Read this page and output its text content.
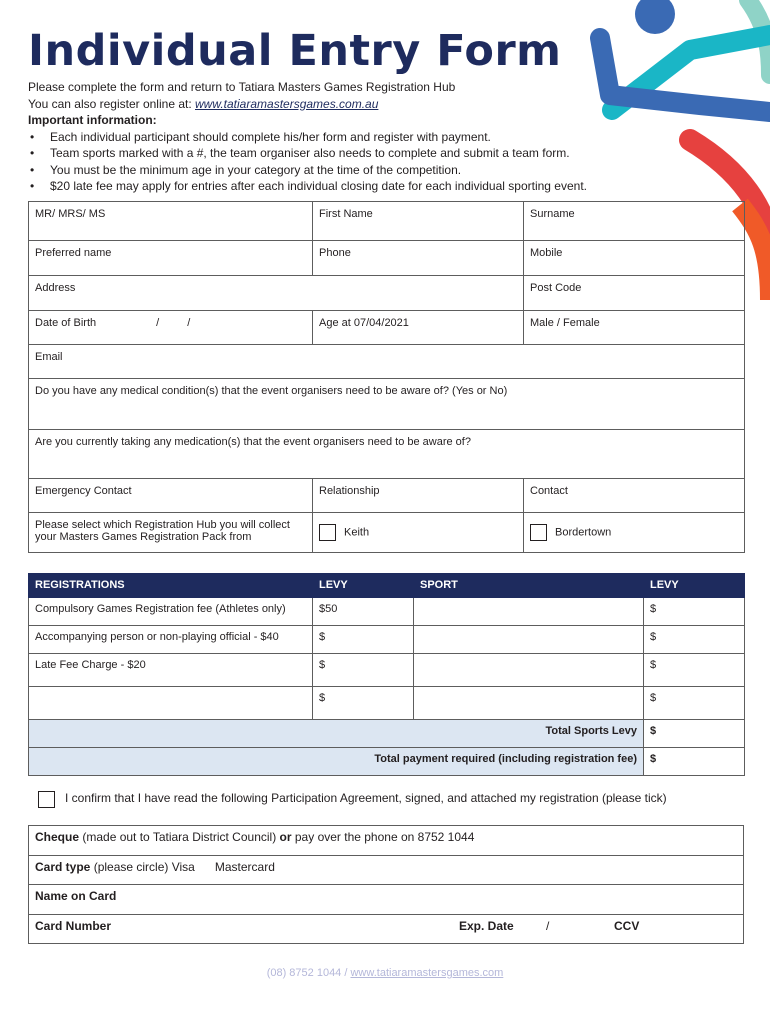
Individual Entry Form
Please complete the form and return to Tatiara Masters Games Registration Hub
You can also register online at: www.tatiaramastersgames.com.au
Important information:
• Each individual participant should complete his/her form and register with payment.
• Team sports marked with a #, the team organiser also needs to complete and submit a team form.
• You must be the minimum age in your category at the time of the competition.
• $20 late fee may apply for entries after each individual closing date for each individual sporting event.
MR/ MRS/ MS	First Name	Surname
Preferred name	Phone	Mobile
Address		Post Code
Date of Birth / /	Age at 07/04/2021	Male / Female
Email		
Do you have any medical condition(s) that the event organisers need to be aware of? (Yes or No)		
Are you currently taking any medication(s) that the event organisers need to be aware of?		
Emergency Contact	Relationship	Contact
Please select which Registration Hub you will collect your Masters Games Registration Pack from	Keith	Bordertown
REGISTRATIONS	LEVY	SPORT	LEVY
Compulsory Games Registration fee (Athletes only)	$50		$
Accompanying person or non-playing official - $40	$		$
Late Fee Charge - $20	$		$
	$		$
Total Sports Levy			$
Total payment required (including registration fee)			$
I confirm that I have read the following Participation Agreement, signed, and attached my registration (please tick)
Cheque (made out to Tatiara District Council) or pay over the phone on 8752 1044
Card type (please circle) Visa Mastercard
Name on Card
Card Number	Exp. Date	/	CCV
(08) 8752 1044 / www.tatiaramastersgames.com
